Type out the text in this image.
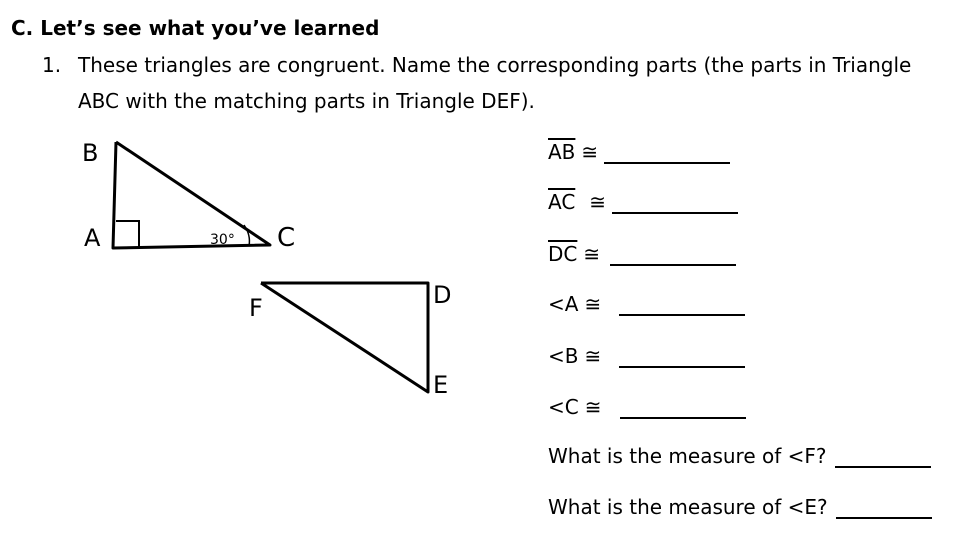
C. Let’s see what you’ve learned
1. These triangles are congruent. Name the corresponding parts (the parts in Triangle
ABC with the matching parts in Triangle DEF).
B
A	C
30°
F	D
E
$\overline{AB}$ ≅
$\overline{AC}$ ≅
$\overline{DC}$ ≅
<A ≅
<B ≅
<C ≅
What is the measure of <F?
What is the measure of <E?
